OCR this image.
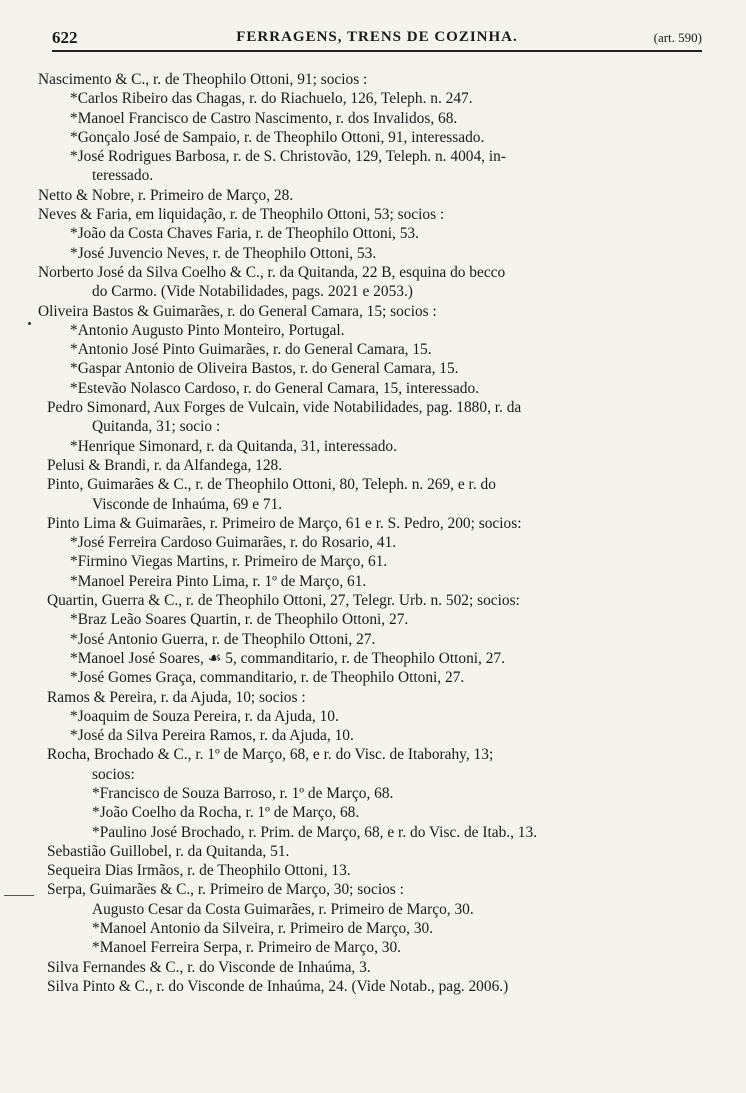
622	FERRAGENS, TRENS DE COZINHA.	(art. 590)
Nascimento & C., r. de Theophilo Ottoni, 91; socios :
*Carlos Ribeiro das Chagas, r. do Riachuelo, 126, Teleph. n. 247.
*Manoel Francisco de Castro Nascimento, r. dos Invalidos, 68.
*Gonçalo José de Sampaio, r. de Theophilo Ottoni, 91, interessado.
*José Rodrigues Barbosa, r. de S. Christovão, 129, Teleph. n. 4004, in-
teressado.
Netto & Nobre, r. Primeiro de Março, 28.
Neves & Faria, em liquidação, r. de Theophilo Ottoni, 53; socios :
*João da Costa Chaves Faria, r. de Theophilo Ottoni, 53.
*José Juvencio Neves, r. de Theophilo Ottoni, 53.
Norberto José da Silva Coelho & C., r. da Quitanda, 22 B, esquina do becco
do Carmo. (Vide Notabilidades, pags. 2021 e 2053.)
Oliveira Bastos & Guimarães, r. do General Camara, 15; socios :
*Antonio Augusto Pinto Monteiro, Portugal.
*Antonio José Pinto Guimarães, r. do General Camara, 15.
*Gaspar Antonio de Oliveira Bastos, r. do General Camara, 15.
*Estevão Nolasco Cardoso, r. do General Camara, 15, interessado.
Pedro Simonard, Aux Forges de Vulcain, vide Notabilidades, pag. 1880, r. da
Quitanda, 31; socio :
*Henrique Simonard, r. da Quitanda, 31, interessado.
Pelusi & Brandi, r. da Alfandega, 128.
Pinto, Guimarães & C., r. de Theophilo Ottoni, 80, Teleph. n. 269, e r. do
Visconde de Inhaúma, 69 e 71.
Pinto Lima & Guimarães, r. Primeiro de Março, 61 e r. S. Pedro, 200; socios:
*José Ferreira Cardoso Guimarães, r. do Rosario, 41.
*Firmino Viegas Martins, r. Primeiro de Março, 61.
*Manoel Pereira Pinto Lima, r. 1º de Março, 61.
Quartin, Guerra & C., r. de Theophilo Ottoni, 27, Telegr. Urb. n. 502; socios:
*Braz Leão Soares Quartin, r. de Theophilo Ottoni, 27.
*José Antonio Guerra, r. de Theophilo Ottoni, 27.
*Manoel José Soares, ☙ 5, commanditario, r. de Theophilo Ottoni, 27.
*José Gomes Graça, commanditario, r. de Theophilo Ottoni, 27.
Ramos & Pereira, r. da Ajuda, 10; socios :
*Joaquim de Souza Pereira, r. da Ajuda, 10.
*José da Silva Pereira Ramos, r. da Ajuda, 10.
Rocha, Brochado & C., r. 1º de Março, 68, e r. do Visc. de Itaborahy, 13;
socios:
*Francisco de Souza Barroso, r. 1º de Março, 68.
*João Coelho da Rocha, r. 1º de Março, 68.
*Paulino José Brochado, r. Prim. de Março, 68, e r. do Visc. de Itab., 13.
Sebastião Guillobel, r. da Quitanda, 51.
Sequeira Dias Irmãos, r. de Theophilo Ottoni, 13.
Serpa, Guimarães & C., r. Primeiro de Março, 30; socios :
Augusto Cesar da Costa Guimarães, r. Primeiro de Março, 30.
*Manoel Antonio da Silveira, r. Primeiro de Março, 30.
*Manoel Ferreira Serpa, r. Primeiro de Março, 30.
Silva Fernandes & C., r. do Visconde de Inhaúma, 3.
Silva Pinto & C., r. do Visconde de Inhaúma, 24. (Vide Notab., pag. 2006.)
